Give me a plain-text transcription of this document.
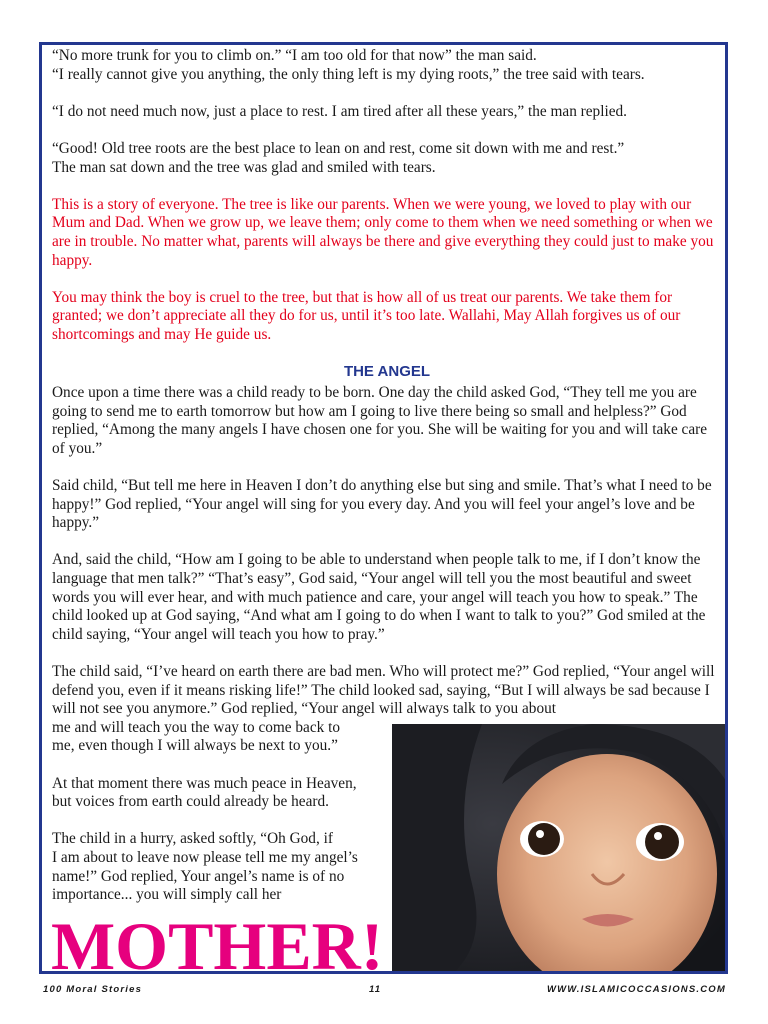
“No more trunk for you to climb on.” “I am too old for that now” the man said.
“I really cannot give you anything, the only thing left is my dying roots,” the tree said with tears.

“I do not need much now, just a place to rest. I am tired after all these years,” the man replied.

“Good! Old tree roots are the best place to lean on and rest, come sit down with me and rest.”
The man sat down and the tree was glad and smiled with tears.

This is a story of everyone. The tree is like our parents. When we were young, we loved to play with our Mum and Dad. When we grow up, we leave them; only come to them when we need something or when we are in trouble. No matter what, parents will always be there and give everything they could just to make you happy.

You may think the boy is cruel to the tree, but that is how all of us treat our parents. We take them for granted; we don’t appreciate all they do for us, until it’s too late. Wallahi, May Allah forgives us of our shortcomings and may He guide us.

THE ANGEL

Once upon a time there was a child ready to be born. One day the child asked God, “They tell me you are going to send me to earth tomorrow but how am I going to live there being so small and helpless?” God replied, “Among the many angels I have chosen one for you. She will be waiting for you and will take care of you.”

Said child, “But tell me here in Heaven I don’t do anything else but sing and smile. That’s what I need to be happy!” God replied, “Your angel will sing for you every day. And you will feel your angel’s love and be happy.”

And, said the child, “How am I going to be able to understand when people talk to me, if I don’t know the language that men talk?” “That’s easy”, God said, “Your angel will tell you the most beautiful and sweet words you will ever hear, and with much patience and care, your angel will teach you how to speak.” The child looked up at God saying, “And what am I going to do when I want to talk to you?” God smiled at the child saying, “Your angel will teach you how to pray.”

The child said, “I’ve heard on earth there are bad men. Who will protect me?” God replied, “Your angel will defend you, even if it means risking life!” The child looked sad, saying, “But I will always be sad because I will not see you anymore.” God replied, “Your angel will always talk to you about
me and will teach you the way to come back to
me, even though I will always be next to you.”

At that moment there was much peace in Heaven,
but voices from earth could already be heard.

The child in a hurry, asked softly, “Oh God, if
I am about to leave now please tell me my angel’s
name!” God replied, Your angel’s name is of no
importance... you will simply call her

MOTHER!
100 Moral Stories	11	WWW.ISLAMICOCCASIONS.COM
